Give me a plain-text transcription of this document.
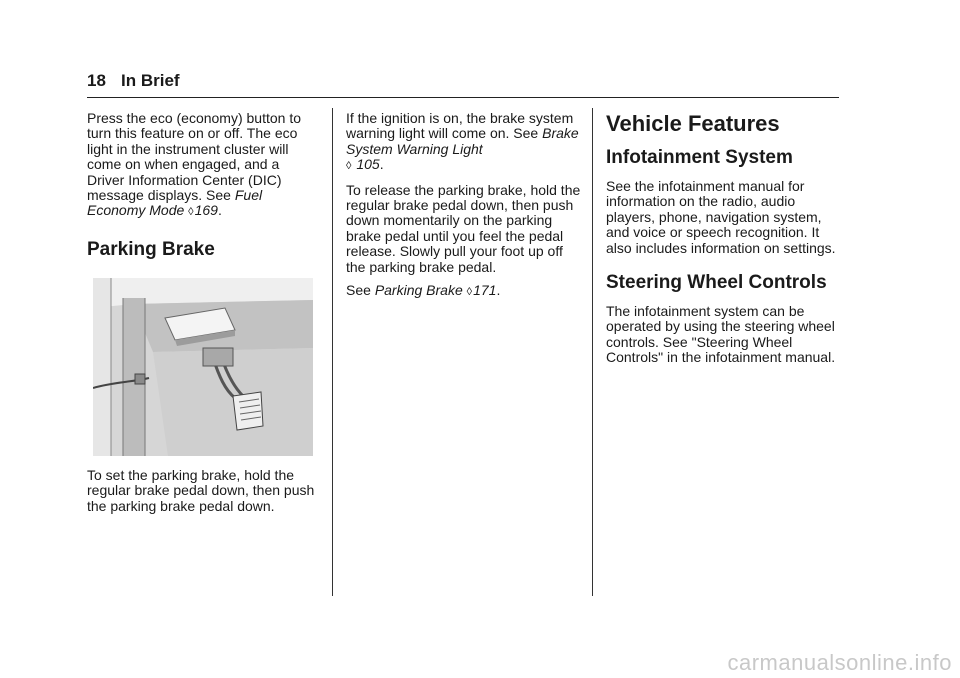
18 In Brief

Press the eco (economy) button to turn this feature on or off. The eco light in the instrument cluster will come on when engaged, and a Driver Information Center (DIC) message displays. See Fuel Economy Mode ◊169.

Parking Brake

To set the parking brake, hold the regular brake pedal down, then push the parking brake pedal down.

If the ignition is on, the brake system warning light will come on. See Brake System Warning Light
◊ 105.

To release the parking brake, hold the regular brake pedal down, then push down momentarily on the parking brake pedal until you feel the pedal release. Slowly pull your foot up off the parking brake pedal.

See Parking Brake ◊171.

Vehicle Features
Infotainment System

See the infotainment manual for information on the radio, audio players, phone, navigation system, and voice or speech recognition. It also includes information on settings.

Steering Wheel Controls

The infotainment system can be operated by using the steering wheel controls. See "Steering Wheel Controls" in the infotainment manual.

carmanualsonline.info
